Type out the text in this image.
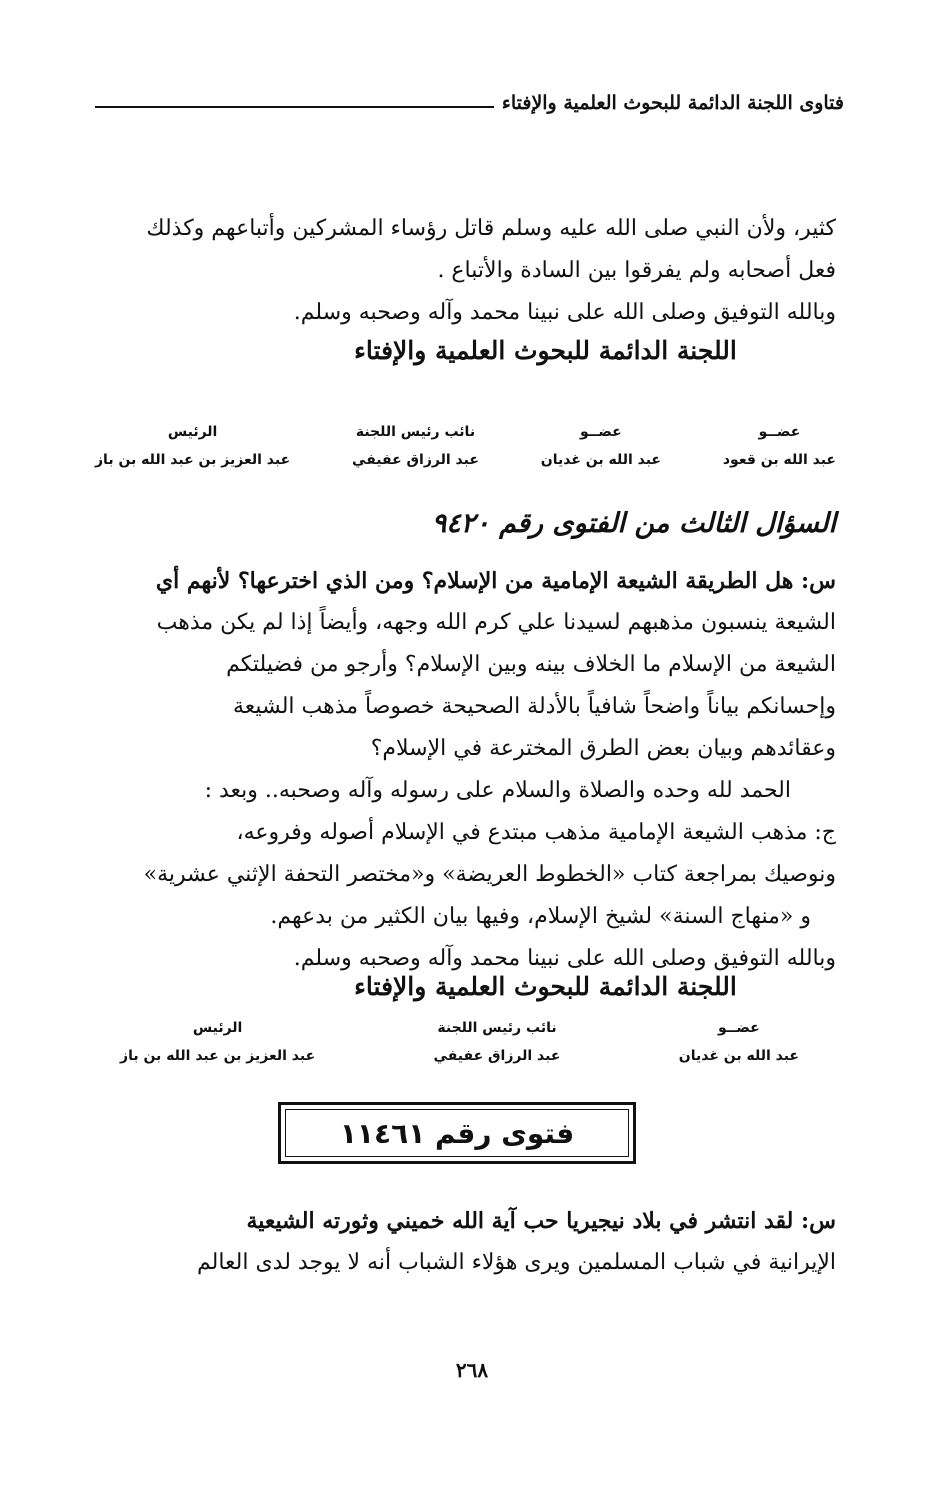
فتاوى اللجنة الدائمة للبحوث العلمية والإفتاء
كثير، ولأن النبي صلى الله عليه وسلم قاتل رؤساء المشركين وأتباعهم وكذلك
فعل أصحابه ولم يفرقوا بين السادة والأتباع .
وبالله التوفيق وصلى الله على نبينا محمد وآله وصحبه وسلم.
اللجنة الدائمة للبحوث العلمية والإفتاء
عضــو
عبد الله بن قعود
عضــو
عبد الله بن غديان
نائب رئيس اللجنة
عبد الرزاق عفيفي
الرئيس
عبد العزيز بن عبد الله بن باز
السؤال الثالث من الفتوى رقم ٩٤٢٠
س: هل الطريقة الشيعة الإمامية من الإسلام؟ ومن الذي اخترعها؟ لأنهم أي
الشيعة ينسبون مذهبهم لسيدنا علي كرم الله وجهه، وأيضاً إذا لم يكن مذهب
الشيعة من الإسلام ما الخلاف بينه وبين الإسلام؟ وأرجو من فضيلتكم
وإحسانكم بياناً واضحاً شافياً بالأدلة الصحيحة خصوصاً مذهب الشيعة
وعقائدهم وبيان بعض الطرق المخترعة في الإسلام؟
الحمد لله وحده والصلاة والسلام على رسوله وآله وصحبه.. وبعد :
ج: مذهب الشيعة الإمامية مذهب مبتدع في الإسلام أصوله وفروعه،
ونوصيك بمراجعة كتاب «الخطوط العريضة» و«مختصر التحفة الإثني عشرية»
و «منهاج السنة» لشيخ الإسلام، وفيها بيان الكثير من بدعهم.
وبالله التوفيق وصلى الله على نبينا محمد وآله وصحبه وسلم.
اللجنة الدائمة للبحوث العلمية والإفتاء
عضــو
عبد الله بن غديان
نائب رئيس اللجنة
عبد الرزاق عفيفي
الرئيس
عبد العزيز بن عبد الله بن باز
فتوى رقم ١١٤٦١
س: لقد انتشر في بلاد نيجيريا حب آية الله خميني وثورته الشيعية
الإيرانية في شباب المسلمين ويرى هؤلاء الشباب أنه لا يوجد لدى العالم
٢٦٨
